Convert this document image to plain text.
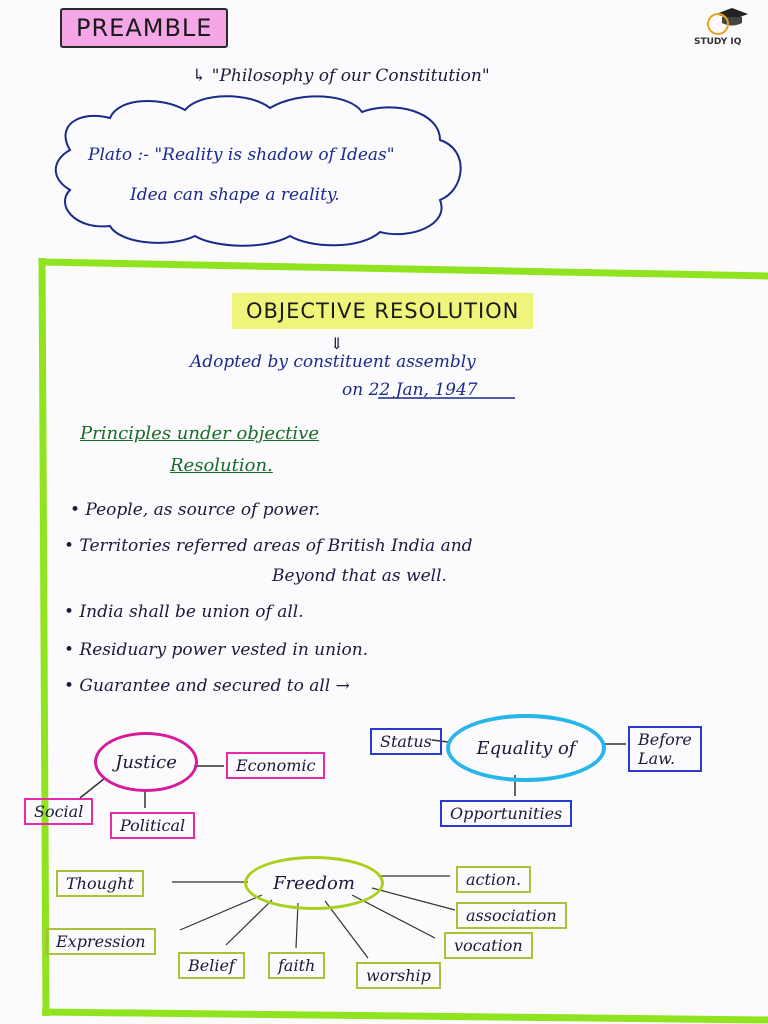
PREAMBLE	STUDY IQ
↳ "Philosophy of our Constitution"
Plato :- "Reality is shadow of Ideas"
Idea can shape a reality.
OBJECTIVE RESOLUTION
⇓
Adopted by constituent assembly
on 22 Jan, 1947
Principles under objective
Resolution.
• People, as source of power.
• Territories referred areas of British India and
Beyond that as well.
• India shall be union of all.
• Residuary power vested in union.
• Guarantee and secured to all →
Justice	Economic
Social
Political
Status	Equality of	Before
Law.
Opportunities
Freedom
Thought
Expression
Belief	faith
worship
vocation
association
action.
